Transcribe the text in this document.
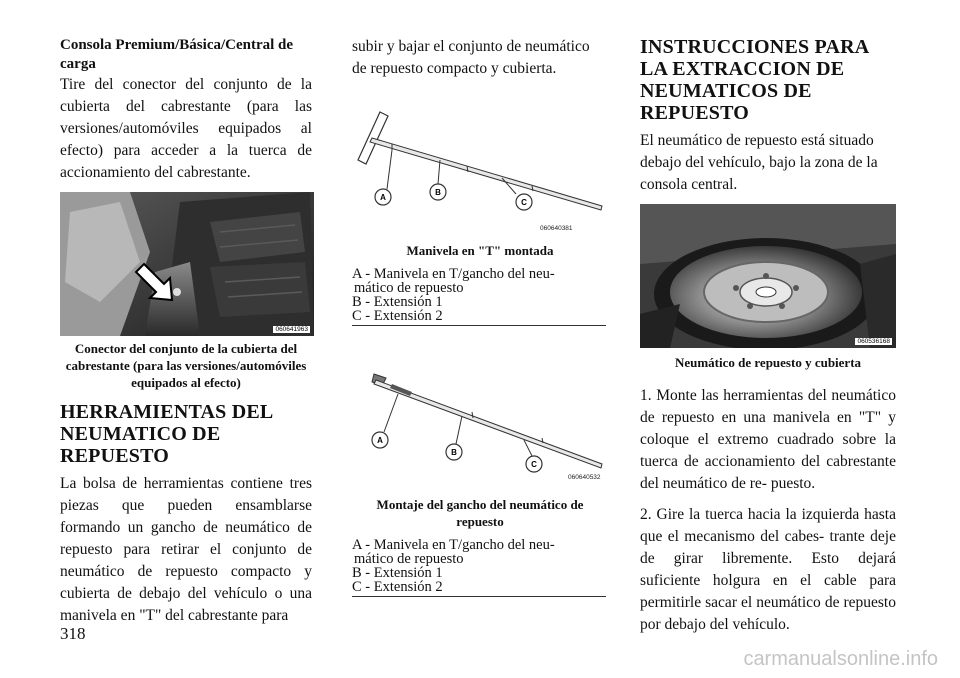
Consola Premium/Básica/Central de carga

Tire del conector del conjunto de la cubierta del cabrestante (para las versiones/automóviles equipados al efecto) para acceder a la tuerca de accionamiento del cabrestante.

060641963

Conector del conjunto de la cubierta del cabrestante (para las versiones/automóviles equipados al efecto)

HERRAMIENTAS DEL NEUMATICO DE REPUESTO

La bolsa de herramientas contiene tres piezas que pueden ensamblarse formando un gancho de neumático de repuesto para retirar el conjunto de neumático de repuesto compacto y cubierta de debajo del vehículo o una manivela en "T" del cabrestante para

subir y bajar el conjunto de neumático de repuesto compacto y cubierta.

A
B
C
060640381

Manivela en "T" montada

A - Manivela en T/gancho del neu-

mático de repuesto

B - Extensión 1

C - Extensión 2

A
B
C
060640532

Montaje del gancho del neumático de repuesto

A - Manivela en T/gancho del neu-

mático de repuesto

B - Extensión 1

C - Extensión 2

INSTRUCCIONES PARA LA EXTRACCION DE NEUMATICOS DE REPUESTO

El neumático de repuesto está situado debajo del vehículo, bajo la zona de la consola central.

060536168

Neumático de repuesto y cubierta

1. Monte las herramientas del neumático de repuesto en una manivela en "T" y coloque el extremo cuadrado sobre la tuerca de accionamiento del cabrestante del neumático de re- puesto.

2. Gire la tuerca hacia la izquierda hasta que el mecanismo del cabes- trante deje de girar libremente. Esto dejará suficiente holgura en el cable para permitirle sacar el neumático de repuesto por debajo del vehículo.

318
carmanualsonline.info
